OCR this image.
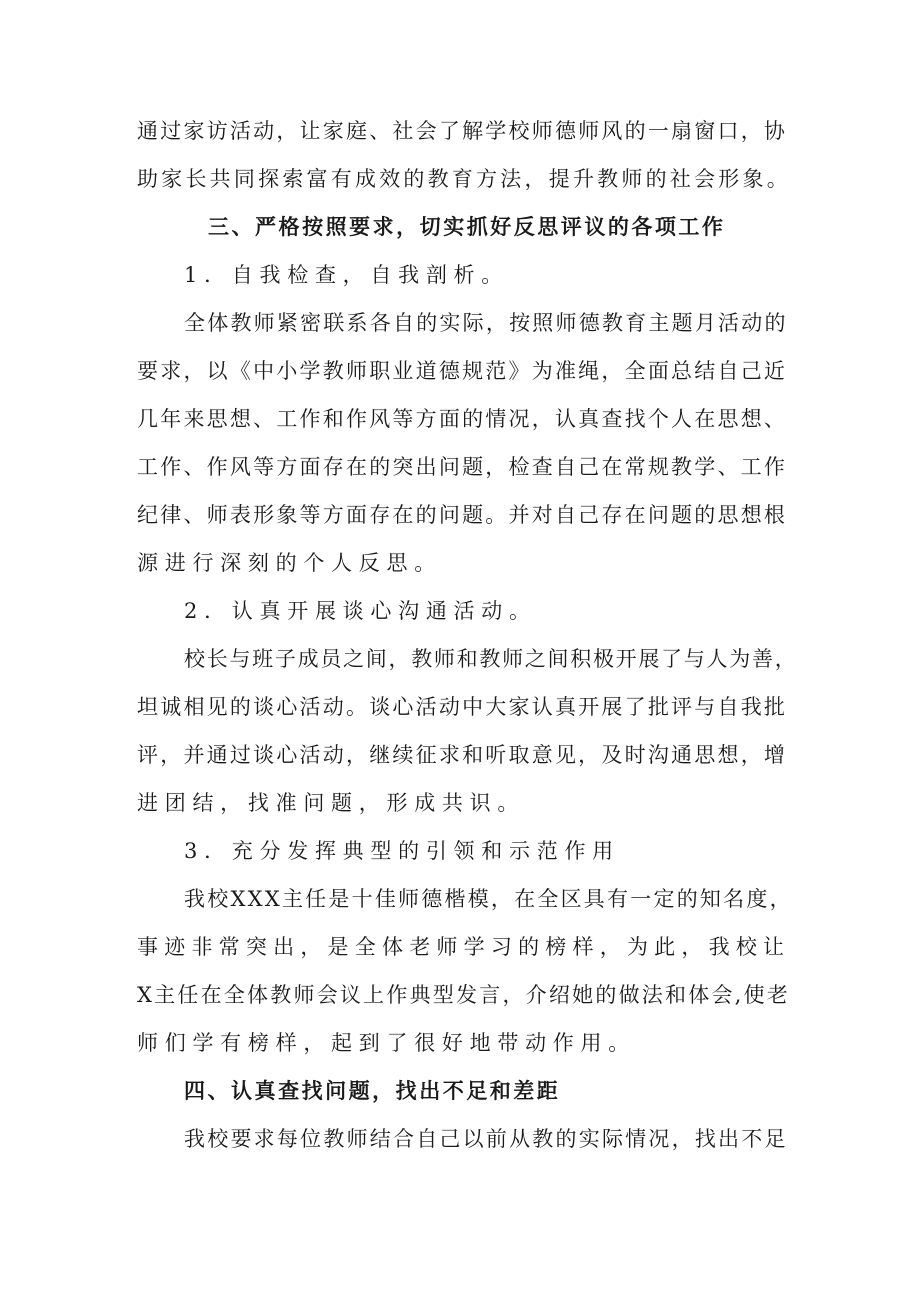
通过家访活动，让家庭、社会了解学校师德师风的一扇窗口，协
助家长共同探索富有成效的教育方法，提升教师的社会形象。
三、严格按照要求，切实抓好反思评议的各项工作
1．自我检查，自我剖析。
全体教师紧密联系各自的实际，按照师德教育主题月活动的
要求，以《中小学教师职业道德规范》为准绳，全面总结自己近
几年来思想、工作和作风等方面的情况，认真查找个人在思想、
工作、作风等方面存在的突出问题，检查自己在常规教学、工作
纪律、师表形象等方面存在的问题。并对自己存在问题的思想根
源进行深刻的个人反思。
2．认真开展谈心沟通活动。
校长与班子成员之间，教师和教师之间积极开展了与人为善，
坦诚相见的谈心活动。谈心活动中大家认真开展了批评与自我批
评，并通过谈心活动，继续征求和听取意见，及时沟通思想，增
进团结，找准问题，形成共识。
3．充分发挥典型的引领和示范作用
我校XXX主任是十佳师德楷模，在全区具有一定的知名度，
事迹非常突出，是全体老师学习的榜样，为此，我校让
X主任在全体教师会议上作典型发言，介绍她的做法和体会,使老
师们学有榜样，起到了很好地带动作用。
四、认真查找问题，找出不足和差距
我校要求每位教师结合自己以前从教的实际情况，找出不足
